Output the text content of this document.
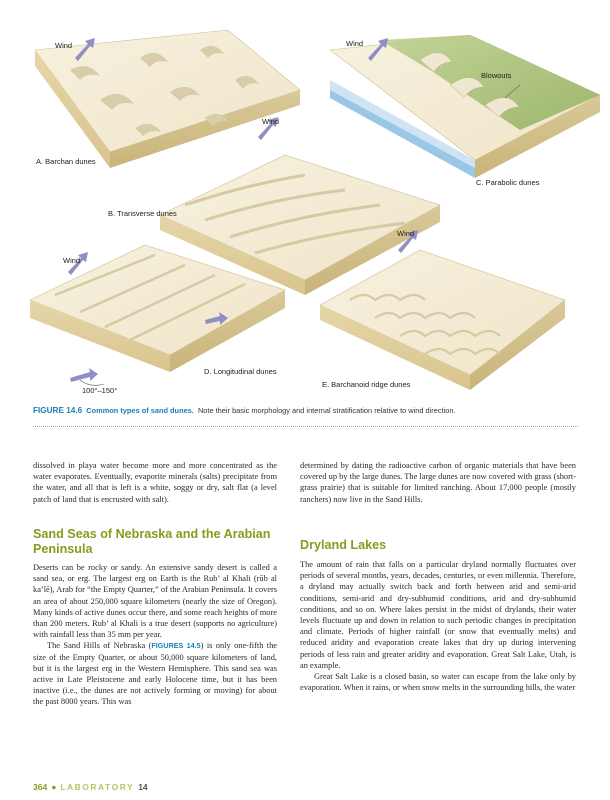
Wind	Wind
Blowouts
Wind
A. Barchan dunes
C. Parabolic dunes
B. Transverse dunes
Wind
Wind
D. Longitudinal dunes
E. Barchanoid ridge dunes
100°–150°
FIGURE 14.6 Common types of sand dunes. Note their basic morphology and internal stratification relative to wind direction.

dissolved in playa water become more and more concentrated as the water evaporates. Eventually, evaporite minerals (salts) precipitate from the water, and all that is left is a white, soggy or dry, salt flat (a level patch of land that is encrusted with salt).

Sand Seas of Nebraska and the Arabian Peninsula

Deserts can be rocky or sandy. An extensive sandy desert is called a sand sea, or erg. The largest erg on Earth is the Rub’ al Khali (rūb al ka’lē), Arab for “the Empty Quarter,” of the Arabian Peninsula. It covers an area of about 250,000 square kilometers (nearly the size of Oregon). Many kinds of active dunes occur there, and some reach heights of more than 200 meters. Rub’ al Khali is a true desert (supports no agriculture) with rainfall less than 35 mm per year.

The Sand Hills of Nebraska (FIGURES 14.5) is only one-fifth the size of the Empty Quarter, or about 50,000 square kilometers of land, but it is the largest erg in the Western Hemisphere. This sand sea was active in Late Pleistocene and early Holocene time, but it has been inactive (i.e., the dunes are not actively forming or moving) for about the past 8000 years. This was

determined by dating the radioactive carbon of organic materials that have been covered up by the large dunes. The large dunes are now covered with grass (short-grass prairie) that is suitable for limited ranching. About 17,000 people (mostly ranchers) now live in the Sand Hills.

Dryland Lakes

The amount of rain that falls on a particular dryland normally fluctuates over periods of several months, years, decades, centuries, or even millennia. Therefore, a dryland may actually switch back and forth between arid and semi-arid conditions, semi-arid and dry-subhumid conditions, arid and dry-subhumid conditions, and so on. Where lakes persist in the midst of drylands, their water levels fluctuate up and down in relation to such periodic changes in precipitation and climate. Periods of higher rainfall (or snow that eventually melts) and reduced aridity and evaporation create lakes that dry up during intervening periods of less rain and greater aridity and evaporation. Great Salt Lake, Utah, is an example.

Great Salt Lake is a closed basin, so water can escape from the lake only by evaporation. When it rains, or when snow melts in the surrounding hills, the water

364 ● LABORATORY 14
